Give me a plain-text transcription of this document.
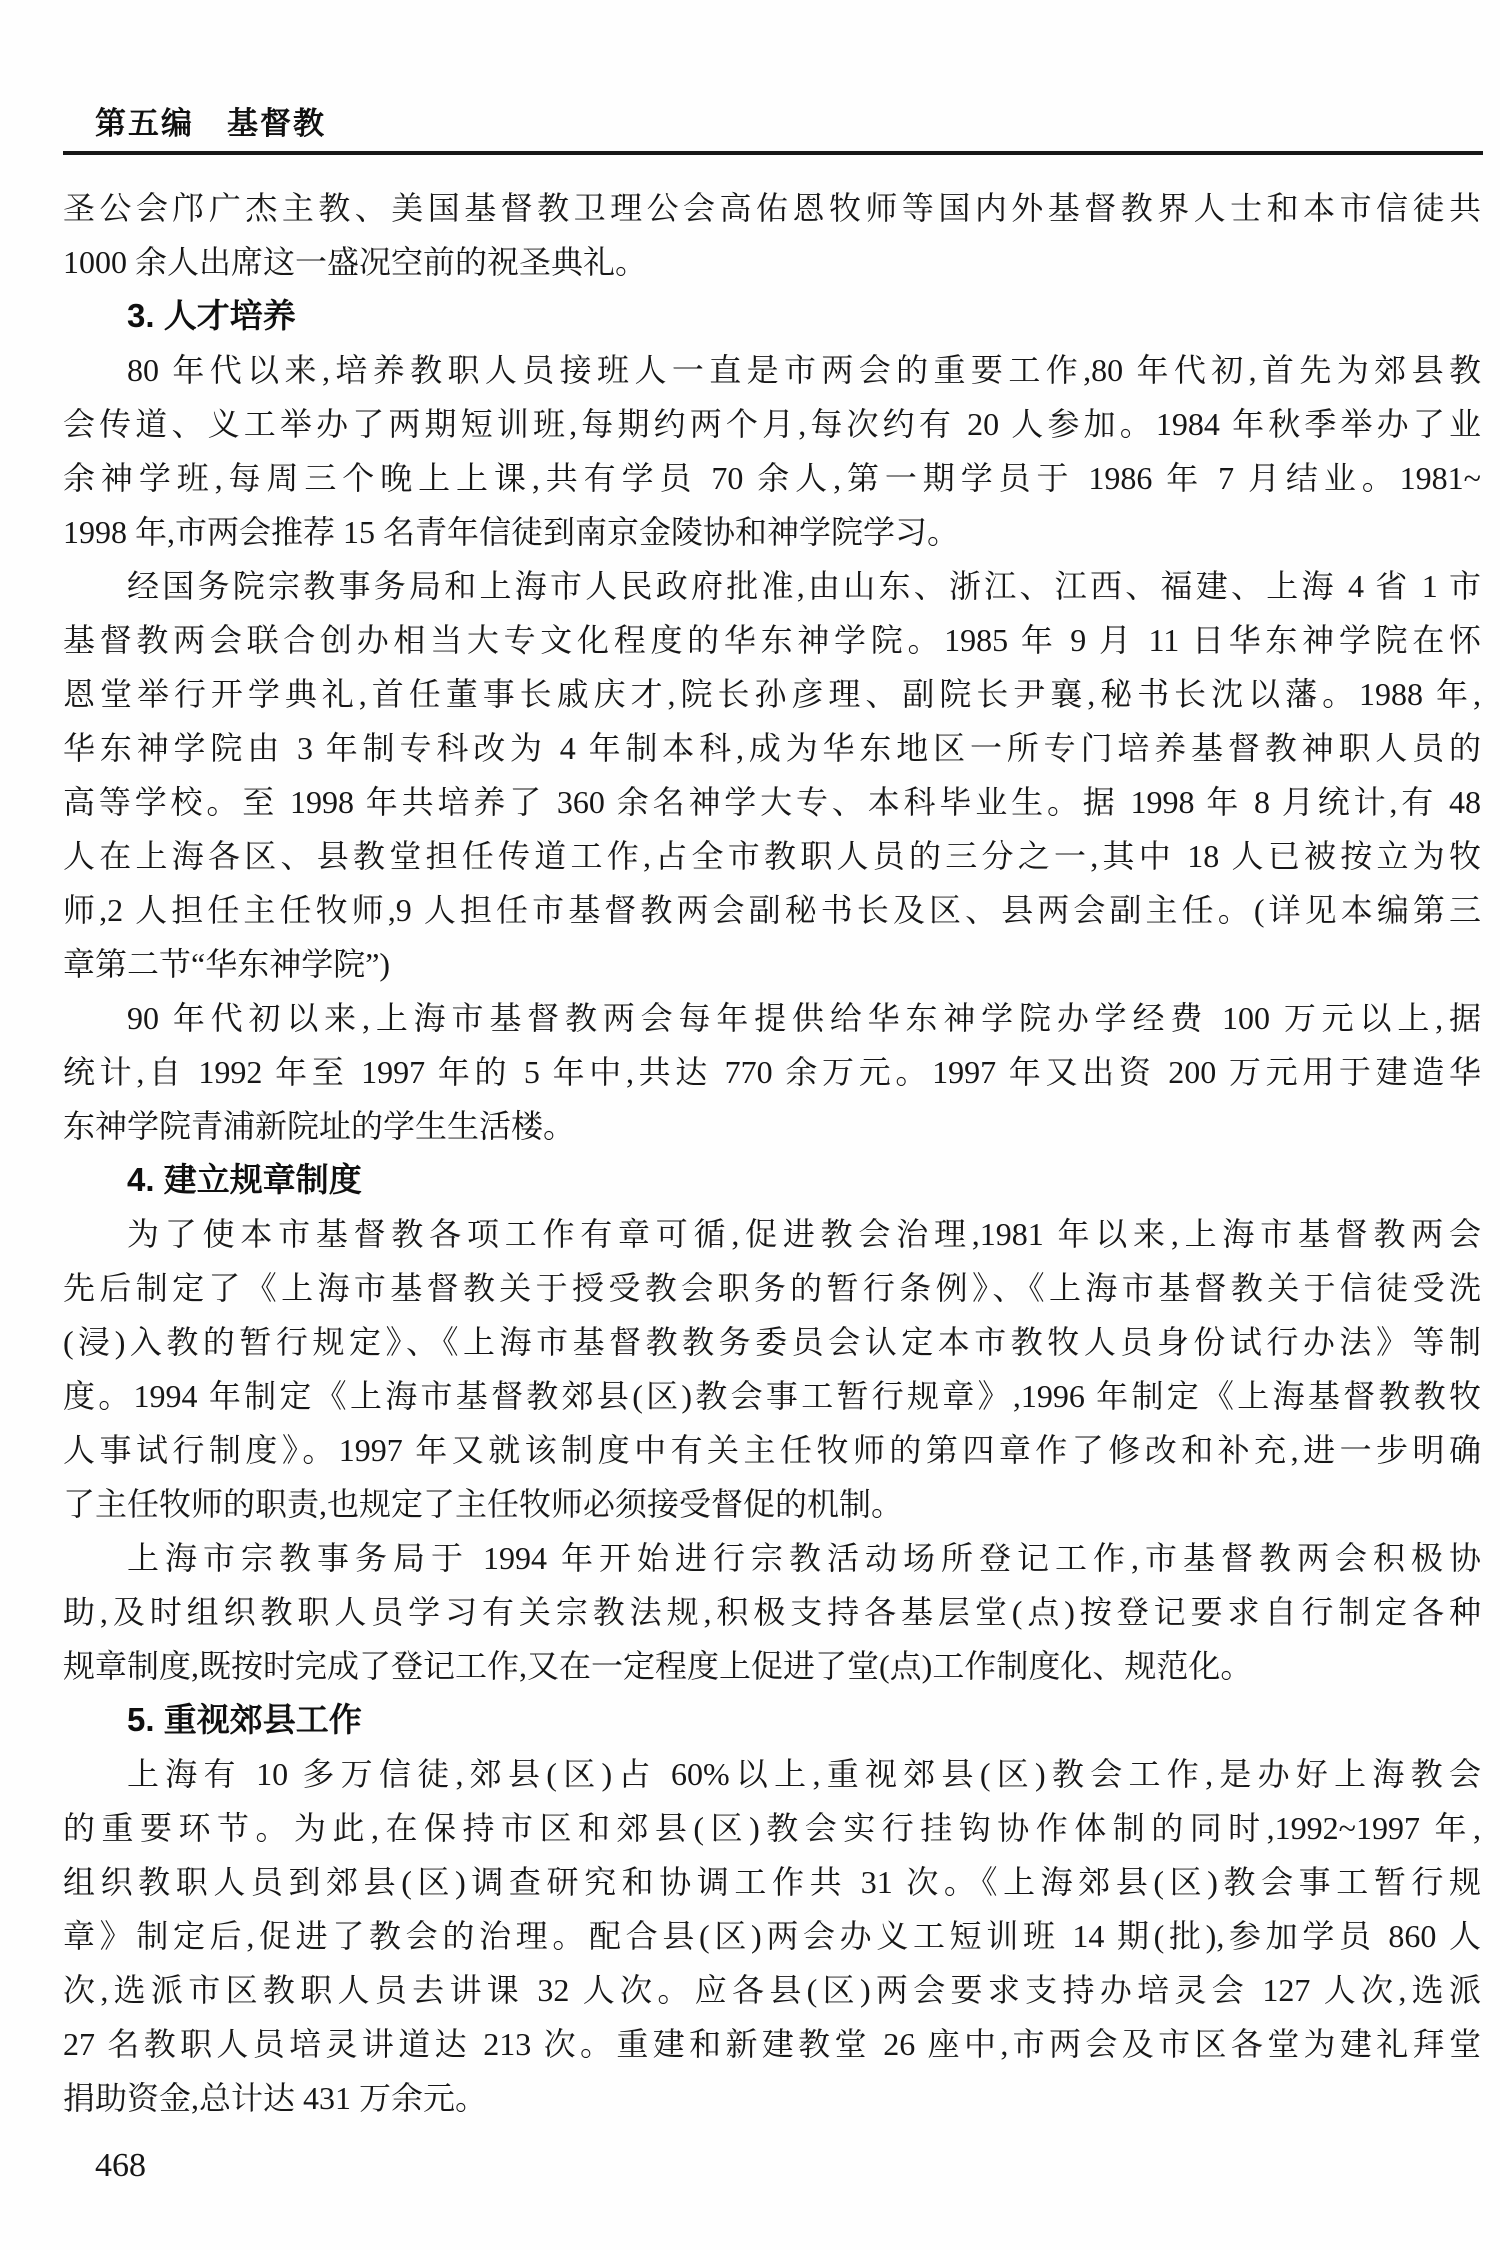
第五编　基督教
圣公会邝广杰主教、美国基督教卫理公会高佑恩牧师等国内外基督教界人士和本市信徒共
1000 余人出席这一盛况空前的祝圣典礼。
3. 人才培养
80 年代以来,培养教职人员接班人一直是市两会的重要工作,80 年代初,首先为郊县教
会传道、义工举办了两期短训班,每期约两个月,每次约有 20 人参加。1984 年秋季举办了业
余神学班,每周三个晚上上课,共有学员 70 余人,第一期学员于 1986 年 7 月结业。1981~
1998 年,市两会推荐 15 名青年信徒到南京金陵协和神学院学习。
经国务院宗教事务局和上海市人民政府批准,由山东、浙江、江西、福建、上海 4 省 1 市
基督教两会联合创办相当大专文化程度的华东神学院。1985 年 9 月 11 日华东神学院在怀
恩堂举行开学典礼,首任董事长戚庆才,院长孙彦理、副院长尹襄,秘书长沈以藩。1988 年,
华东神学院由 3 年制专科改为 4 年制本科,成为华东地区一所专门培养基督教神职人员的
高等学校。至 1998 年共培养了 360 余名神学大专、本科毕业生。据 1998 年 8 月统计,有 48
人在上海各区、县教堂担任传道工作,占全市教职人员的三分之一,其中 18 人已被按立为牧
师,2 人担任主任牧师,9 人担任市基督教两会副秘书长及区、县两会副主任。(详见本编第三
章第二节“华东神学院”)
90 年代初以来,上海市基督教两会每年提供给华东神学院办学经费 100 万元以上,据
统计,自 1992 年至 1997 年的 5 年中,共达 770 余万元。1997 年又出资 200 万元用于建造华
东神学院青浦新院址的学生生活楼。
4. 建立规章制度
为了使本市基督教各项工作有章可循,促进教会治理,1981 年以来,上海市基督教两会
先后制定了《上海市基督教关于授受教会职务的暂行条例》、《上海市基督教关于信徒受洗
(浸)入教的暂行规定》、《上海市基督教教务委员会认定本市教牧人员身份试行办法》等制
度。1994 年制定《上海市基督教郊县(区)教会事工暂行规章》,1996 年制定《上海基督教教牧
人事试行制度》。1997 年又就该制度中有关主任牧师的第四章作了修改和补充,进一步明确
了主任牧师的职责,也规定了主任牧师必须接受督促的机制。
上海市宗教事务局于 1994 年开始进行宗教活动场所登记工作,市基督教两会积极协
助,及时组织教职人员学习有关宗教法规,积极支持各基层堂(点)按登记要求自行制定各种
规章制度,既按时完成了登记工作,又在一定程度上促进了堂(点)工作制度化、规范化。
5. 重视郊县工作
上海有 10 多万信徒,郊县(区)占 60%以上,重视郊县(区)教会工作,是办好上海教会
的重要环节。为此,在保持市区和郊县(区)教会实行挂钩协作体制的同时,1992~1997 年,
组织教职人员到郊县(区)调查研究和协调工作共 31 次。《上海郊县(区)教会事工暂行规
章》制定后,促进了教会的治理。配合县(区)两会办义工短训班 14 期(批),参加学员 860 人
次,选派市区教职人员去讲课 32 人次。应各县(区)两会要求支持办培灵会 127 人次,选派
27 名教职人员培灵讲道达 213 次。重建和新建教堂 26 座中,市两会及市区各堂为建礼拜堂
捐助资金,总计达 431 万余元。
468
